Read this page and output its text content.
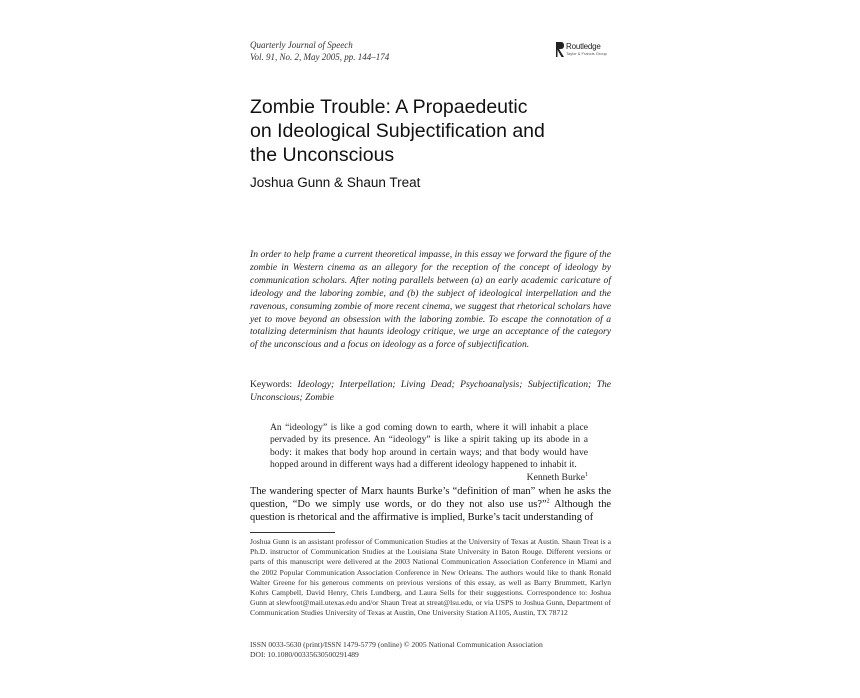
Quarterly Journal of Speech
Vol. 91, No. 2, May 2005, pp. 144–174
Routledge
Taylor & Francis Group
Zombie Trouble: A Propaedeutic
on Ideological Subjectification and
the Unconscious
Joshua Gunn & Shaun Treat
In order to help frame a current theoretical impasse, in this essay we forward the figure of the zombie in Western cinema as an allegory for the reception of the concept of ideology by communication scholars. After noting parallels between (a) an early academic caricature of ideology and the laboring zombie, and (b) the subject of ideological interpellation and the ravenous, consuming zombie of more recent cinema, we suggest that rhetorical scholars have yet to move beyond an obsession with the laboring zombie. To escape the connotation of a totalizing determinism that haunts ideology critique, we urge an acceptance of the category of the unconscious and a focus on ideology as a force of subjectification.
Keywords: Ideology; Interpellation; Living Dead; Psychoanalysis; Subjectification; The Unconscious; Zombie
An “ideology” is like a god coming down to earth, where it will inhabit a place pervaded by its presence. An “ideology” is like a spirit taking up its abode in a body: it makes that body hop around in certain ways; and that body would have hopped around in different ways had a different ideology happened to inhabit it.
Kenneth Burke$^1$
The wandering specter of Marx haunts Burke’s “definition of man” when he asks the question, “Do we simply use words, or do they not also use us?”$^2$ Although the question is rhetorical and the affirmative is implied, Burke’s tacit understanding of
Joshua Gunn is an assistant professor of Communication Studies at the University of Texas at Austin. Shaun Treat is a Ph.D. instructor of Communication Studies at the Louisiana State University in Baton Rouge. Different versions or parts of this manuscript were delivered at the 2003 National Communication Association Conference in Miami and the 2002 Popular Communication Association Conference in New Orleans. The authors would like to thank Ronald Walter Greene for his generous comments on previous versions of this essay, as well as Barry Brummett, Karlyn Kohrs Campbell, David Henry, Chris Lundberg, and Laura Sells for their suggestions. Correspondence to: Joshua Gunn at slewfoot@mail.utexas.edu and/or Shaun Treat at streat@lsu.edu, or via USPS to Joshua Gunn, Department of Communication Studies University of Texas at Austin, One University Station A1105, Austin, TX 78712
ISSN 0033-5630 (print)/ISSN 1479-5779 (online) © 2005 National Communication Association
DOI: 10.1080/00335630500291489
